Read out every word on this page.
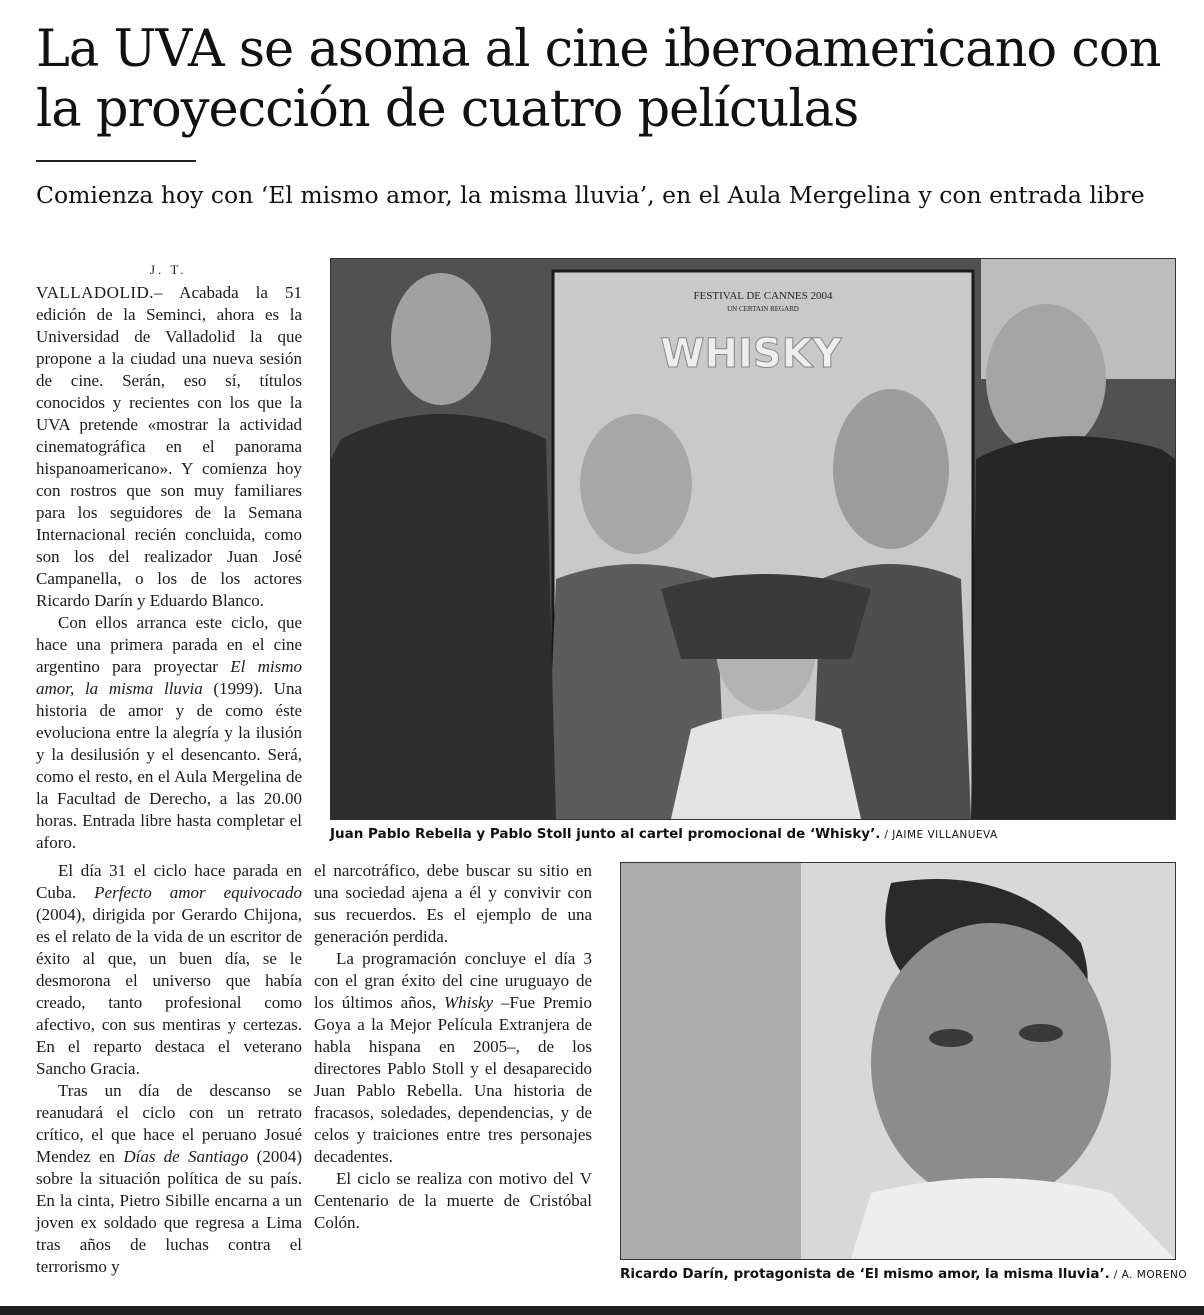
La UVA se asoma al cine iberoamericano con la proyección de cuatro películas
Comienza hoy con ‘El mismo amor, la misma lluvia’, en el Aula Mergelina y con entrada libre
J. T.

VALLADOLID.– Acabada la 51 edición de la Seminci, ahora es la Universidad de Valladolid la que propone a la ciudad una nueva sesión de cine. Serán, eso sí, títulos conocidos y recientes con los que la UVA pretende «mostrar la actividad cinematográfica en el panorama hispanoamericano». Y comienza hoy con rostros que son muy familiares para los seguidores de la Semana Internacional recién concluida, como son los del realizador Juan José Campanella, o los de los actores Ricardo Darín y Eduardo Blanco.

Con ellos arranca este ciclo, que hace una primera parada en el cine argentino para proyectar El mismo amor, la misma lluvia (1999). Una historia de amor y de como éste evoluciona entre la alegría y la ilusión y la desilusión y el desencanto. Será, como el resto, en el Aula Mergelina de la Facultad de Derecho, a las 20.00 horas. Entrada libre hasta completar el aforo.

El día 31 el ciclo hace parada en Cuba. Perfecto amor equivocado (2004), dirigida por Gerardo Chijona, es el relato de la vida de un escritor de éxito al que, un buen día, se le desmorona el universo que había creado, tanto profesional como afectivo, con sus mentiras y certezas. En el reparto destaca el veterano Sancho Gracia.

Tras un día de descanso se reanudará el ciclo con un retrato crítico, el que hace el peruano Josué Mendez en Días de Santiago (2004) sobre la situación política de su país. En la cinta, Pietro Sibille encarna a un joven ex soldado que regresa a Lima tras años de luchas contra el terrorismo y

el narcotráfico, debe buscar su sitio en una sociedad ajena a él y convivir con sus recuerdos. Es el ejemplo de una generación perdida.

La programación concluye el día 3 con el gran éxito del cine uruguayo de los últimos años, Whisky –Fue Premio Goya a la Mejor Película Extranjera de habla hispana en 2005–, de los directores Pablo Stoll y el desaparecido Juan Pablo Rebella. Una historia de fracasos, soledades, dependencias, y de celos y traiciones entre tres personajes decadentes.

El ciclo se realiza con motivo del V Centenario de la muerte de Cristóbal Colón.

FESTIVAL DE CANNES 2004
UN CERTAIN REGARD
WHISKY
Juan Pablo Rebella y Pablo Stoll junto al cartel promocional de ‘Whisky’. / JAIME VILLANUEVA
Ricardo Darín, protagonista de ‘El mismo amor, la misma lluvia’. / A. MORENO
